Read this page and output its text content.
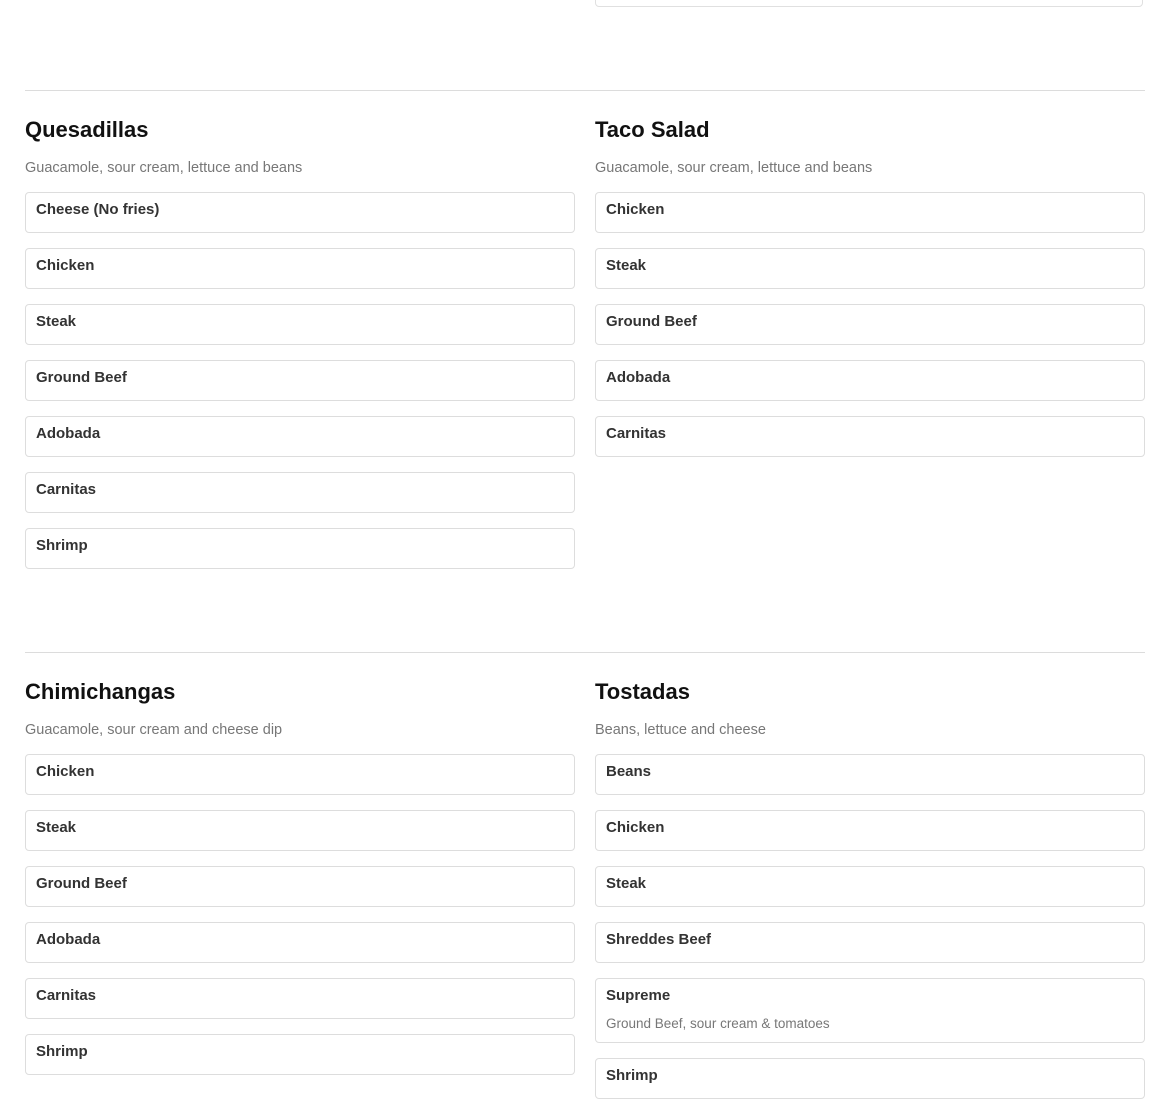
Quesadillas
Guacamole, sour cream, lettuce and beans
Cheese (No fries)
Chicken
Steak
Ground Beef
Adobada
Carnitas
Shrimp
Taco Salad
Guacamole, sour cream, lettuce and beans
Chicken
Steak
Ground Beef
Adobada
Carnitas
Chimichangas
Guacamole, sour cream and cheese dip
Chicken
Steak
Ground Beef
Adobada
Carnitas
Shrimp
Tostadas
Beans, lettuce and cheese
Beans
Chicken
Steak
Shreddes Beef
Supreme
Ground Beef, sour cream & tomatoes
Shrimp
